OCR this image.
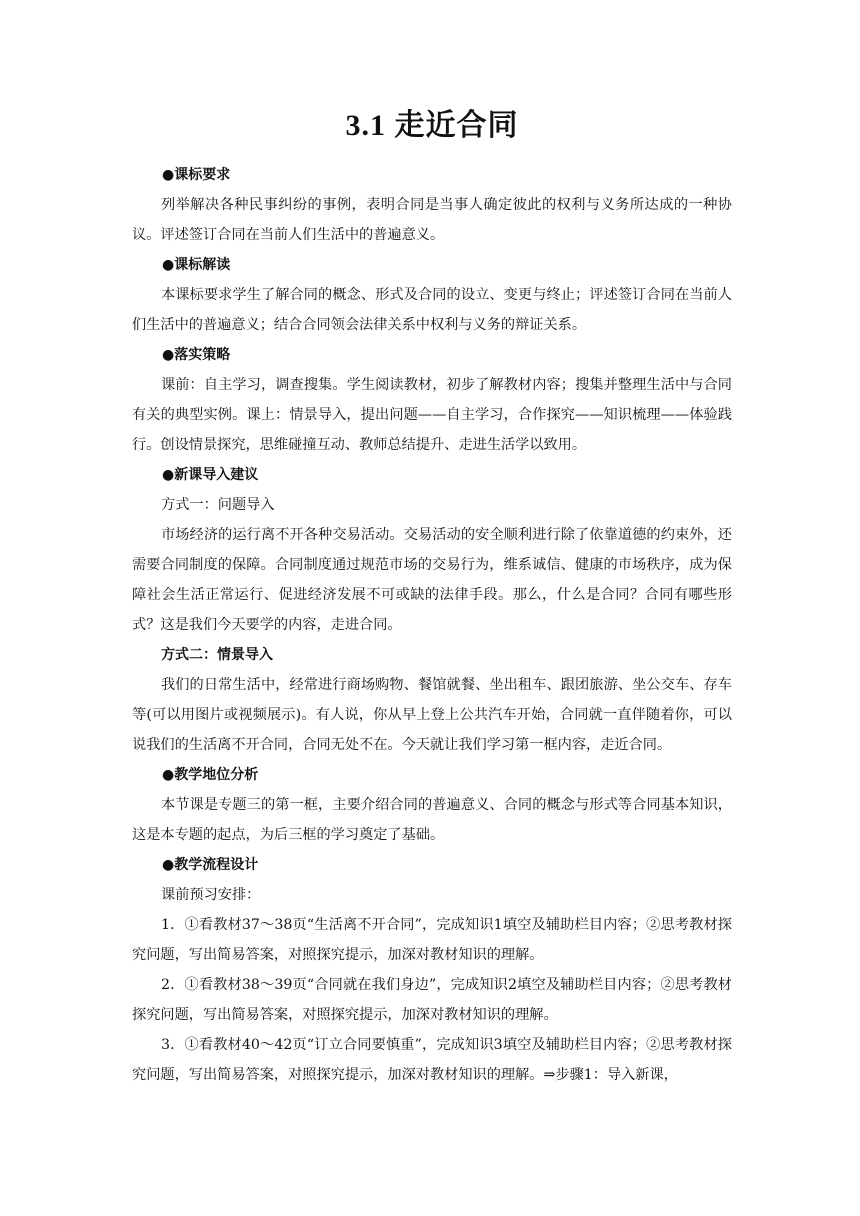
3.1 走近合同

●课标要求

列举解决各种民事纠纷的事例，表明合同是当事人确定彼此的权利与义务所达成的一种协议。评述签订合同在当前人们生活中的普遍意义。

●课标解读

本课标要求学生了解合同的概念、形式及合同的设立、变更与终止；评述签订合同在当前人们生活中的普遍意义；结合合同领会法律关系中权利与义务的辩证关系。

●落实策略

课前：自主学习，调查搜集。学生阅读教材，初步了解教材内容；搜集并整理生活中与合同有关的典型实例。课上：情景导入，提出问题——自主学习，合作探究——知识梳理——体验践行。创设情景探究，思维碰撞互动、教师总结提升、走进生活学以致用。

●新课导入建议

方式一：问题导入

市场经济的运行离不开各种交易活动。交易活动的安全顺利进行除了依靠道德的约束外，还需要合同制度的保障。合同制度通过规范市场的交易行为，维系诚信、健康的市场秩序，成为保障社会生活正常运行、促进经济发展不可或缺的法律手段。那么，什么是合同？合同有哪些形式？这是我们今天要学的内容，走进合同。

方式二：情景导入

我们的日常生活中，经常进行商场购物、餐馆就餐、坐出租车、跟团旅游、坐公交车、存车等(可以用图片或视频展示)。有人说，你从早上登上公共汽车开始，合同就一直伴随着你，可以说我们的生活离不开合同，合同无处不在。今天就让我们学习第一框内容，走近合同。

●教学地位分析

本节课是专题三的第一框，主要介绍合同的普遍意义、合同的概念与形式等合同基本知识，这是本专题的起点，为后三框的学习奠定了基础。

●教学流程设计

课前预习安排：

1．①看教材37～38页“生活离不开合同”，完成知识1填空及辅助栏目内容；②思考教材探究问题，写出简易答案，对照探究提示，加深对教材知识的理解。

2．①看教材38～39页“合同就在我们身边”，完成知识2填空及辅助栏目内容；②思考教材探究问题，写出简易答案，对照探究提示，加深对教材知识的理解。

3．①看教材40～42页“订立合同要慎重”，完成知识3填空及辅助栏目内容；②思考教材探究问题，写出简易答案，对照探究提示，加深对教材知识的理解。⇒步骤1：导入新课，
